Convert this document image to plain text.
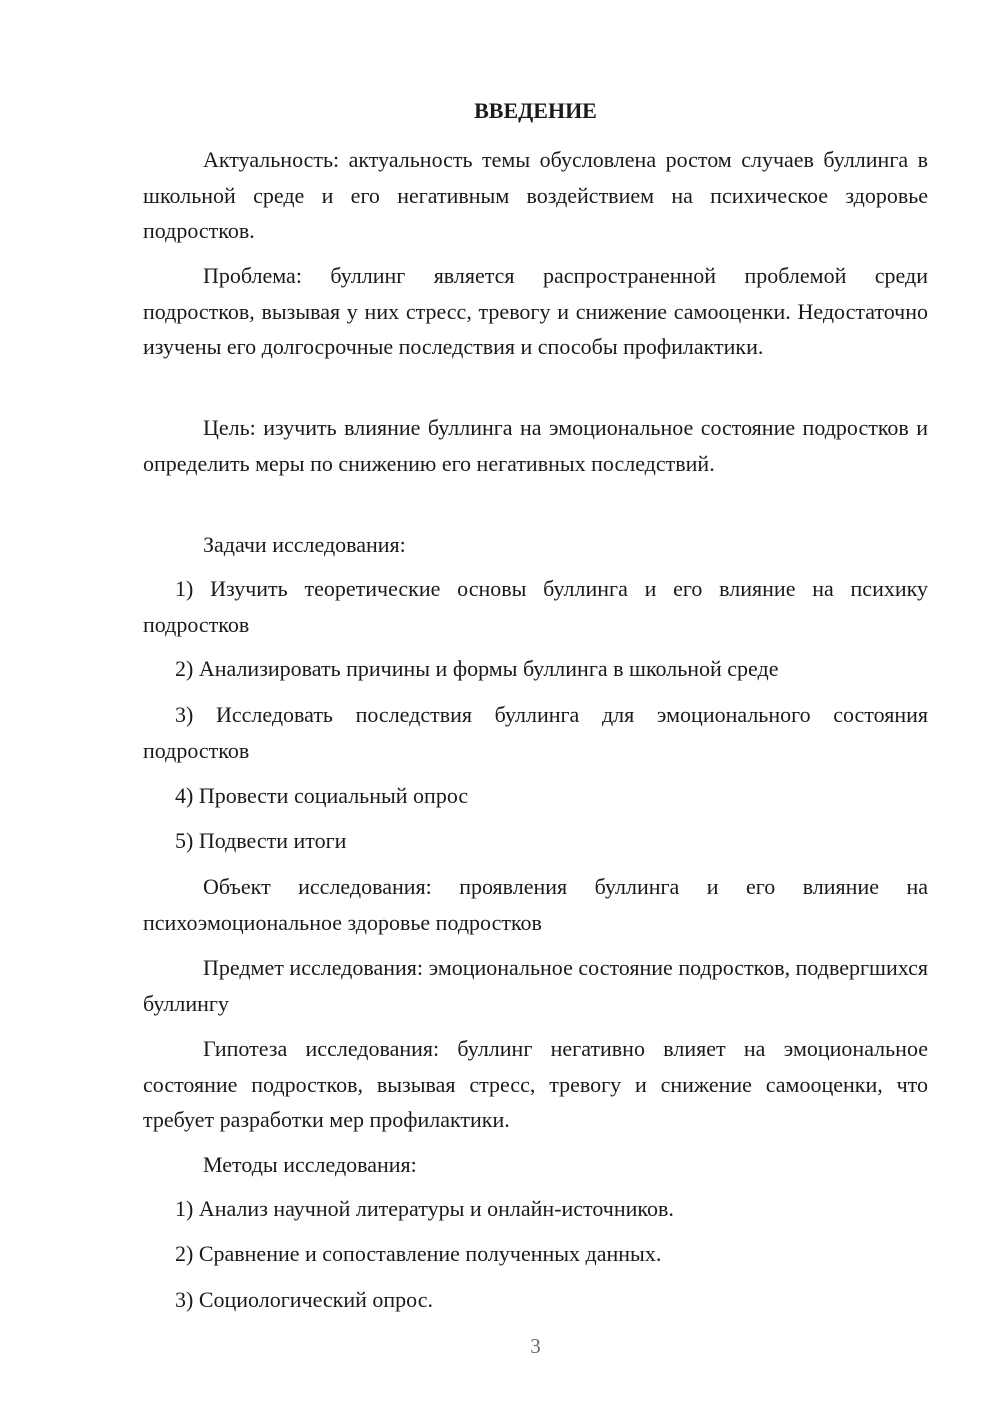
ВВЕДЕНИЕ

Актуальность: актуальность темы обусловлена ростом случаев буллинга в школьной среде и его негативным воздействием на психическое здоровье подростков.

Проблема: буллинг является распространенной проблемой среди подростков, вызывая у них стресс, тревогу и снижение самооценки. Недостаточно изучены его долгосрочные последствия и способы профилактики.

Цель: изучить влияние буллинга на эмоциональное состояние подростков и определить меры по снижению его негативных последствий.

Задачи исследования:

1) Изучить теоретические основы буллинга и его влияние на психику подростков

2) Анализировать причины и формы буллинга в школьной среде

3) Исследовать последствия буллинга для эмоционального состояния подростков

4) Провести социальный опрос

5) Подвести итоги

Объект исследования: проявления буллинга и его влияние на психоэмоциональное здоровье подростков

Предмет исследования: эмоциональное состояние подростков, подвергшихся буллингу

Гипотеза исследования: буллинг негативно влияет на эмоциональное состояние подростков, вызывая стресс, тревогу и снижение самооценки, что требует разработки мер профилактики.

Методы исследования:

1) Анализ научной литературы и онлайн-источников.

2) Сравнение и сопоставление полученных данных.

3) Социологический опрос.

3
